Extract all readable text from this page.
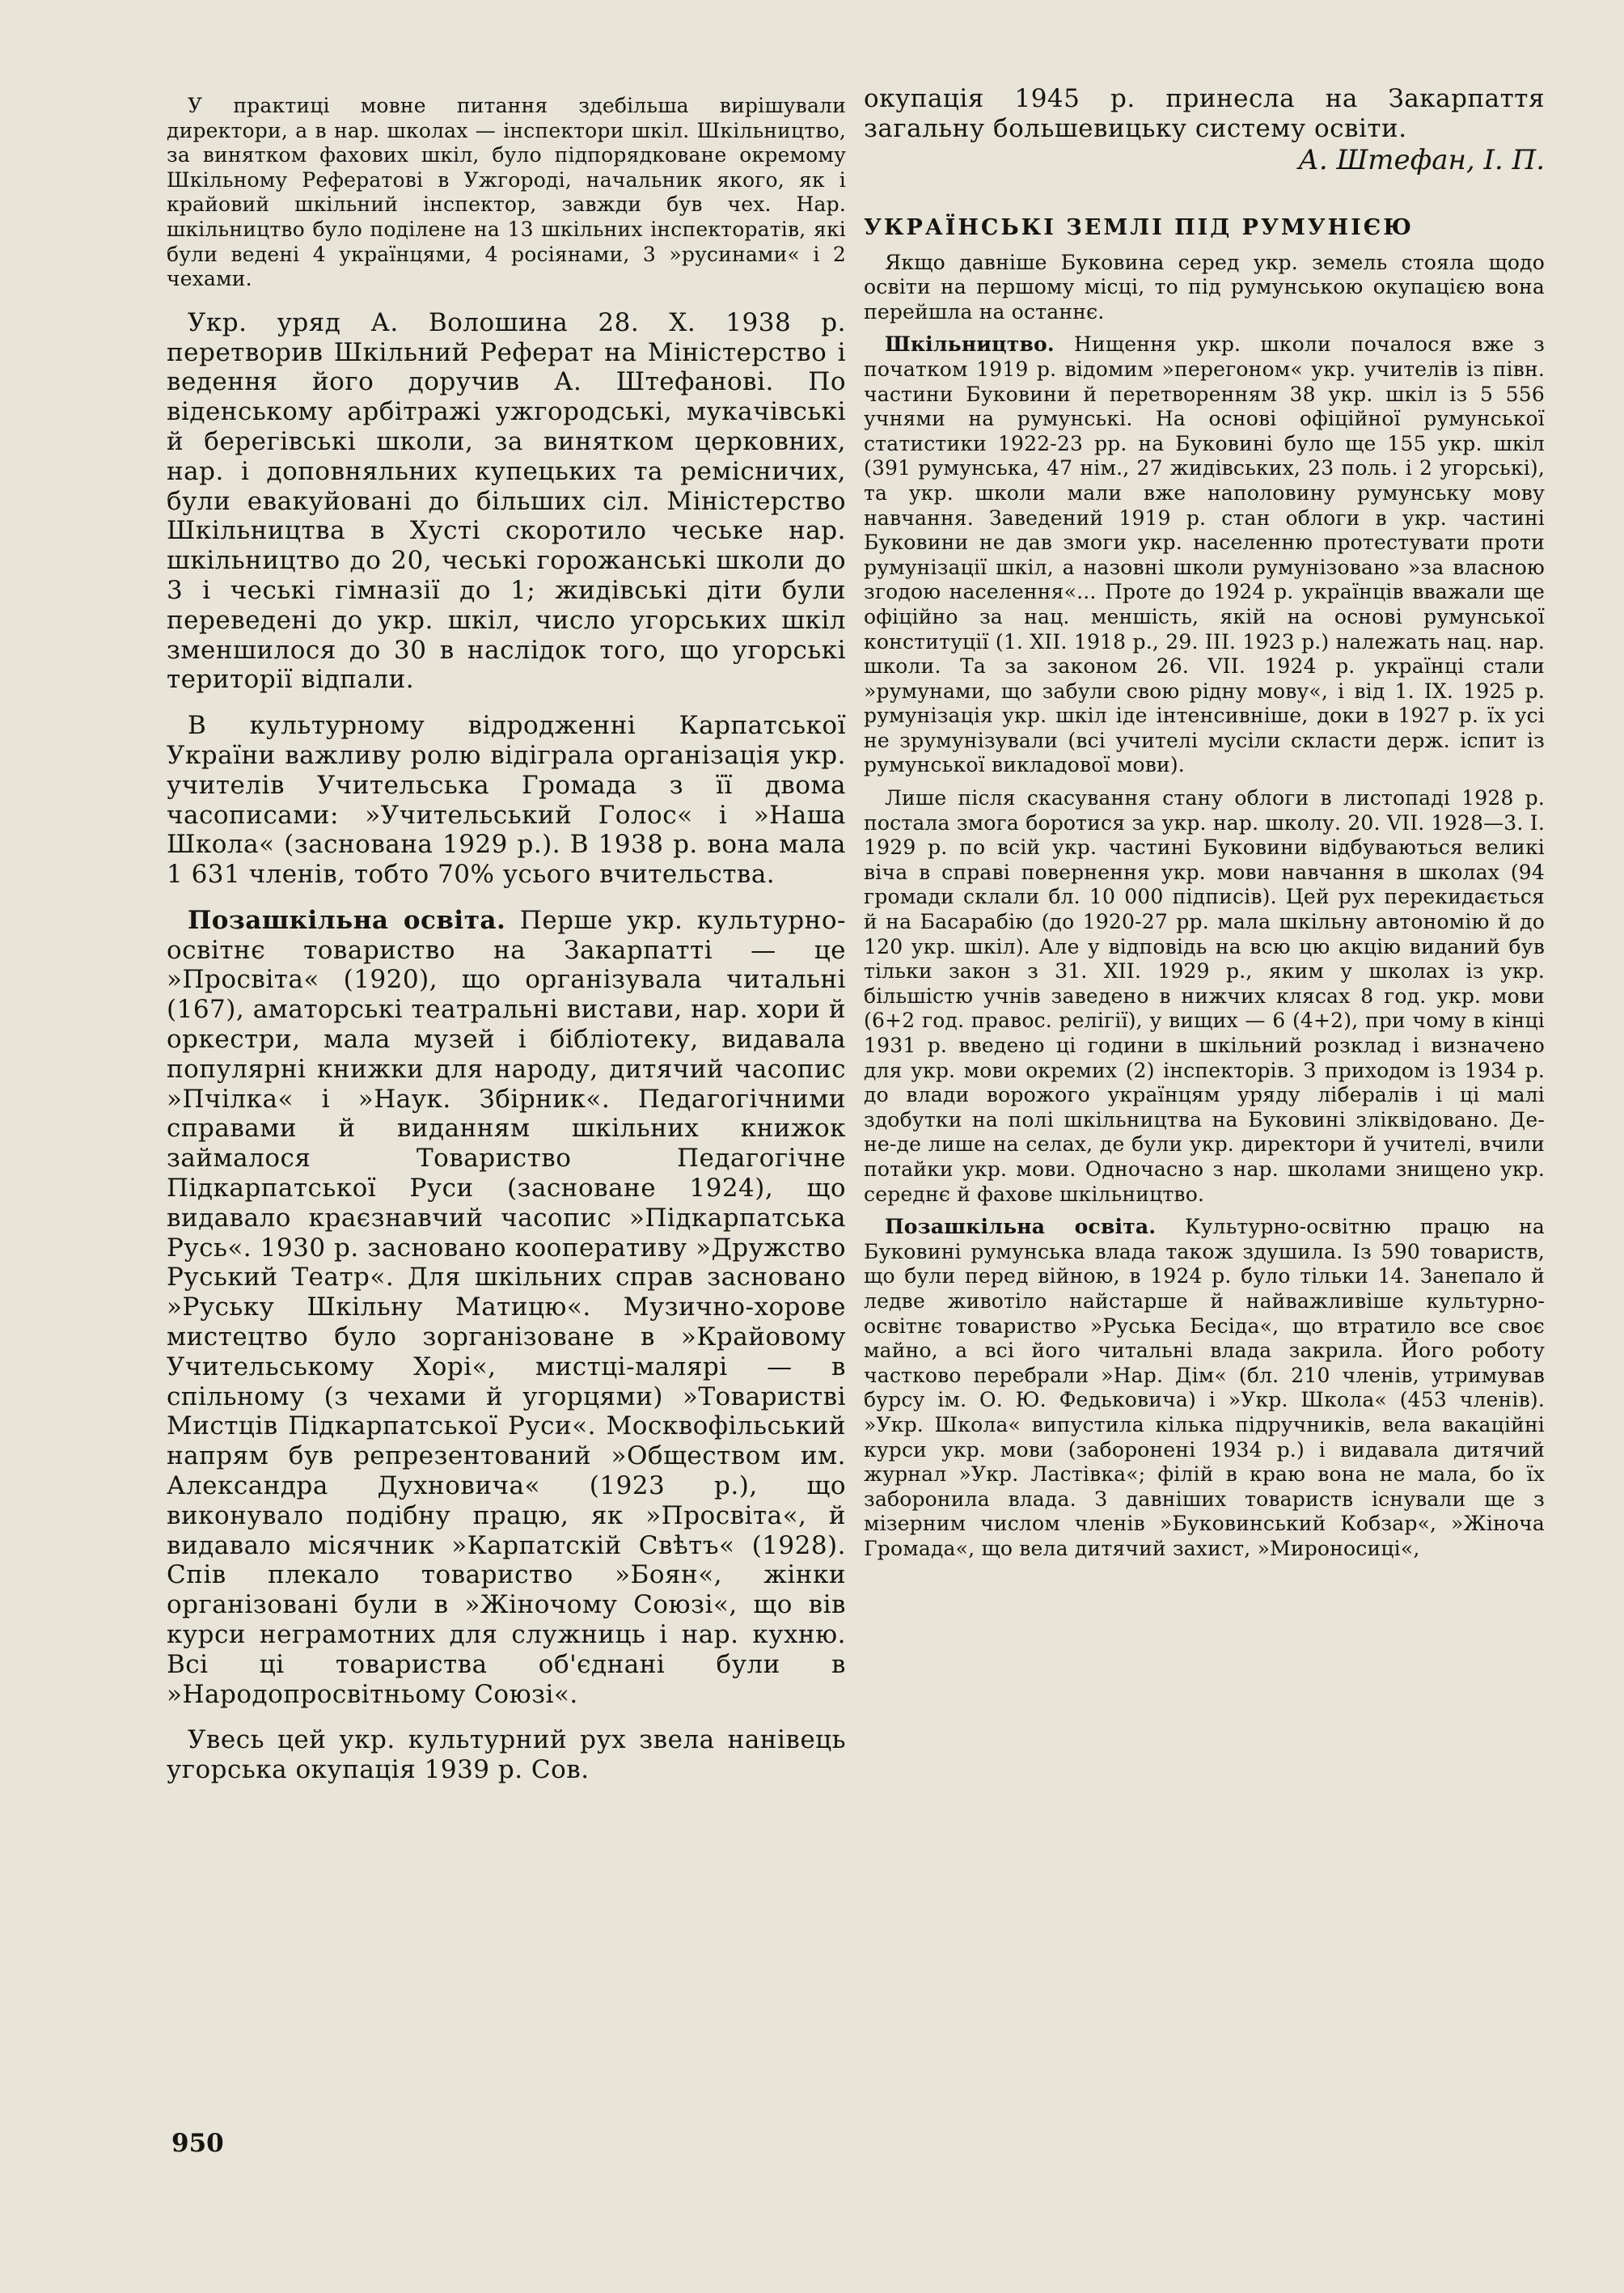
У практиці мовне питання здебільша вирішували директори, а в нар. школах — інспектори шкіл. Шкільництво, за винятком фахових шкіл, було підпорядковане окремому Шкільному Рефератові в Ужгороді, начальник якого, як і крайовий шкільний інспектор, завжди був чех. Нар. шкільництво було поділене на 13 шкільних інспекторатів, які були ведені 4 українцями, 4 росіянами, 3 »русинами« і 2 чехами.

Укр. уряд А. Волошина 28. X. 1938 р. перетворив Шкільний Реферат на Міністерство і ведення його доручив А. Штефанові. По віденському арбітражі ужгородські, мукачівські й берегівські школи, за винятком церковних, нар. і доповняльних купецьких та ремісничих, були евакуйовані до більших сіл. Міністерство Шкільництва в Хусті скоротило чеське нар. шкільництво до 20, чеські горожанські школи до 3 і чеські гімназії до 1; жидівські діти були переведені до укр. шкіл, число угорських шкіл зменшилося до 30 в наслідок того, що угорські території відпали.

В культурному відродженні Карпатської України важливу ролю відіграла організація укр. учителів Учительська Громада з її двома часописами: »Учительський Голос« і »Наша Школа« (заснована 1929 р.). В 1938 р. вона мала 1 631 членів, тобто 70% усього вчительства.

Позашкільна освіта. Перше укр. культурно-освітнє товариство на Закарпатті — це »Просвіта« (1920), що організувала читальні (167), аматорські театральні вистави, нар. хори й оркестри, мала музей і бібліотеку, видавала популярні книжки для народу, дитячий часопис »Пчілка« і »Наук. Збірник«. Педагогічними справами й виданням шкільних книжок займалося Товариство Педагогічне Підкарпатської Руси (засноване 1924), що видавало краєзнавчий часопис »Підкарпатська Русь«. 1930 р. засновано кооперативу »Дружство Руський Театр«. Для шкільних справ засновано »Руську Шкільну Матицю«. Музично-хорове мистецтво було зорганізоване в »Крайовому Учительському Хорі«, мистці-малярі — в спільному (з чехами й угорцями) »Товаристві Мистців Підкарпатської Руси«. Москвофільський напрям був репрезентований »Обществом им. Александра Духновича« (1923 р.), що виконувало подібну працю, як »Просвіта«, й видавало місячник »Карпатскій Свѣтъ« (1928). Спів плекало товариство »Боян«, жінки організовані були в »Жіночому Союзі«, що вів курси неграмотних для служниць і нар. кухню. Всі ці товариства об'єднані були в »Народопросвітньому Союзі«.

Увесь цей укр. культурний рух звела нанівець угорська окупація 1939 р. Сов.

окупація 1945 р. принесла на Закарпаття загальну большевицьку систему освіти.

А. Штефан, І. П.

УКРАЇНСЬКІ ЗЕМЛІ ПІД РУМУНІЄЮ

Якщо давніше Буковина серед укр. земель стояла щодо освіти на першому місці, то під румунською окупацією вона перейшла на останнє.

Шкільництво. Нищення укр. школи почалося вже з початком 1919 р. відомим »перегоном« укр. учителів із півн. частини Буковини й перетворенням 38 укр. шкіл із 5 556 учнями на румунські. На основі офіційної румунської статистики 1922-23 рр. на Буковині було ще 155 укр. шкіл (391 румунська, 47 нім., 27 жидівських, 23 поль. і 2 угорські), та укр. школи мали вже наполовину румунську мову навчання. Заведений 1919 р. стан облоги в укр. частині Буковини не дав змоги укр. населенню протестувати проти румунізації шкіл, а назовні школи румунізовано »за власною згодою населення«... Проте до 1924 р. українців вважали ще офіційно за нац. меншість, якій на основі румунської конституції (1. XII. 1918 р., 29. III. 1923 р.) належать нац. нар. школи. Та за законом 26. VII. 1924 р. українці стали »румунами, що забули свою рідну мову«, і від 1. IX. 1925 р. румунізація укр. шкіл іде інтенсивніше, доки в 1927 р. їх усі не зрумунізували (всі учителі мусіли скласти держ. іспит із румунської викладової мови).

Лише після скасування стану облоги в листопаді 1928 р. постала змога боротися за укр. нар. школу. 20. VII. 1928—3. I. 1929 р. по всій укр. частині Буковини відбуваються великі віча в справі повернення укр. мови навчання в школах (94 громади склали бл. 10 000 підписів). Цей рух перекидається й на Басарабію (до 1920-27 рр. мала шкільну автономію й до 120 укр. шкіл). Але у відповідь на всю цю акцію виданий був тільки закон з 31. XII. 1929 р., яким у школах із укр. більшістю учнів заведено в нижчих клясах 8 год. укр. мови (6+2 год. правос. релігії), у вищих — 6 (4+2), при чому в кінці 1931 р. введено ці години в шкільний розклад і визначено для укр. мови окремих (2) інспекторів. З приходом із 1934 р. до влади ворожого українцям уряду лібералів і ці малі здобутки на полі шкільництва на Буковині зліквідовано. Де-не-де лише на селах, де були укр. директори й учителі, вчили потайки укр. мови. Одночасно з нар. школами знищено укр. середнє й фахове шкільництво.

Позашкільна освіта. Культурно-освітню працю на Буковині румунська влада також здушила. Із 590 товариств, що були перед війною, в 1924 р. було тільки 14. Занепало й ледве животіло найстарше й найважливіше культурно-освітнє товариство »Руська Бесіда«, що втратило все своє майно, а всі його читальні влада закрила. Його роботу частково перебрали »Нар. Дім« (бл. 210 членів, утримував бурсу ім. О. Ю. Федьковича) і »Укр. Школа« (453 членів). »Укр. Школа« випустила кілька підручників, вела вакаційні курси укр. мови (заборонені 1934 р.) і видавала дитячий журнал »Укр. Ластівка«; філій в краю вона не мала, бо їх заборонила влада. З давніших товариств існували ще з мізерним числом членів »Буковинський Кобзар«, »Жіноча Громада«, що вела дитячий захист, »Мироносиці«,

950
